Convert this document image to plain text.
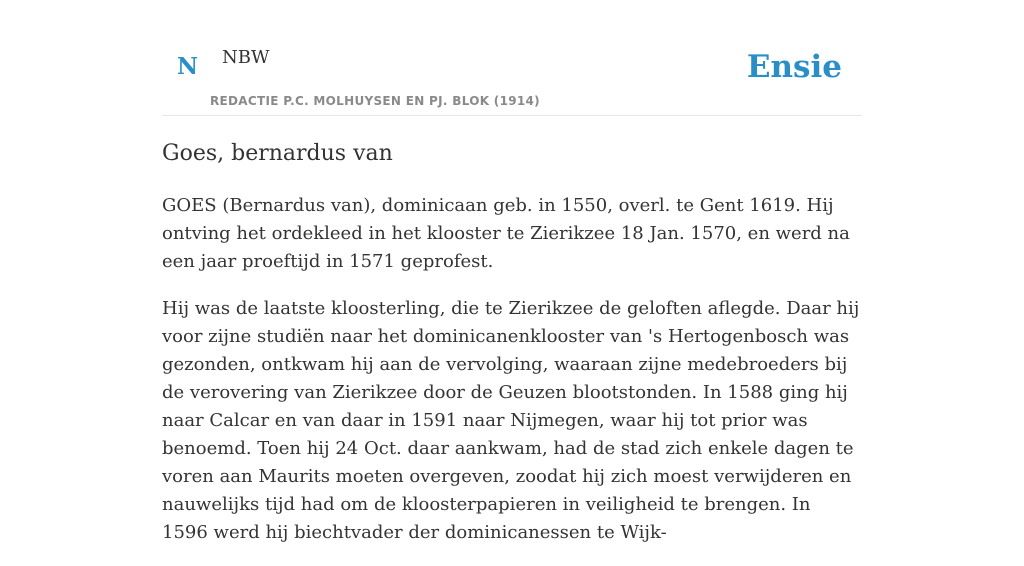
N NBW
REDACTIE P.C. MOLHUYSEN EN PJ. BLOK (1914)
Ensie
Goes, bernardus van

GOES (Bernardus van), dominicaan geb. in 1550, overl. te Gent 1619. Hij ontving het ordekleed in het klooster te Zierikzee 18 Jan. 1570, en werd na een jaar proeftijd in 1571 geprofest.

Hij was de laatste kloosterling, die te Zierikzee de geloften aflegde. Daar hij voor zijne studiën naar het dominicanenklooster van 's Hertogenbosch was gezonden, ontkwam hij aan de vervolging, waaraan zijne medebroeders bij de verovering van Zierikzee door de Geuzen blootstonden. In 1588 ging hij naar Calcar en van daar in 1591 naar Nijmegen, waar hij tot prior was benoemd. Toen hij 24 Oct. daar aankwam, had de stad zich enkele dagen te voren aan Maurits moeten overgeven, zoodat hij zich moest verwijderen en nauwelijks tijd had om de kloosterpapieren in veiligheid te brengen. In 1596 werd hij biechtvader der dominicanessen te Wijk-
